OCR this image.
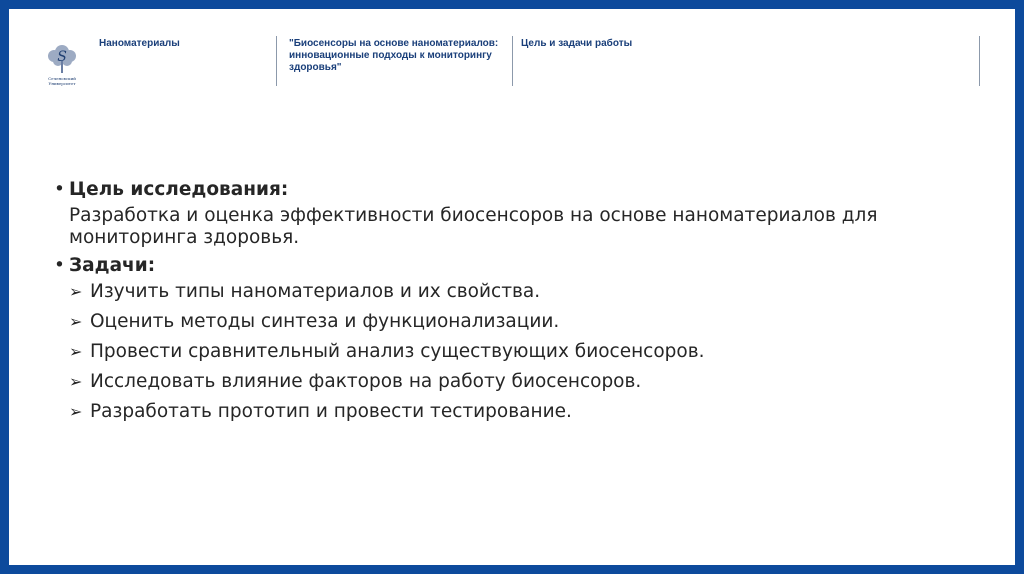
S
Сеченовский Университет
Наноматериалы	"Биосенсоры на основе наноматериалов: инновационные подходы к мониторингу здоровья"
Цель и задачи работы
• Цель исследования:
Разработка и оценка эффективности биосенсоров на основе наноматериалов для мониторинга здоровья.
• Задачи:
➢ Изучить типы наноматериалов и их свойства.
➢ Оценить методы синтеза и функционализации.
➢ Провести сравнительный анализ существующих биосенсоров.
➢ Исследовать влияние факторов на работу биосенсоров.
➢ Разработать прототип и провести тестирование.
